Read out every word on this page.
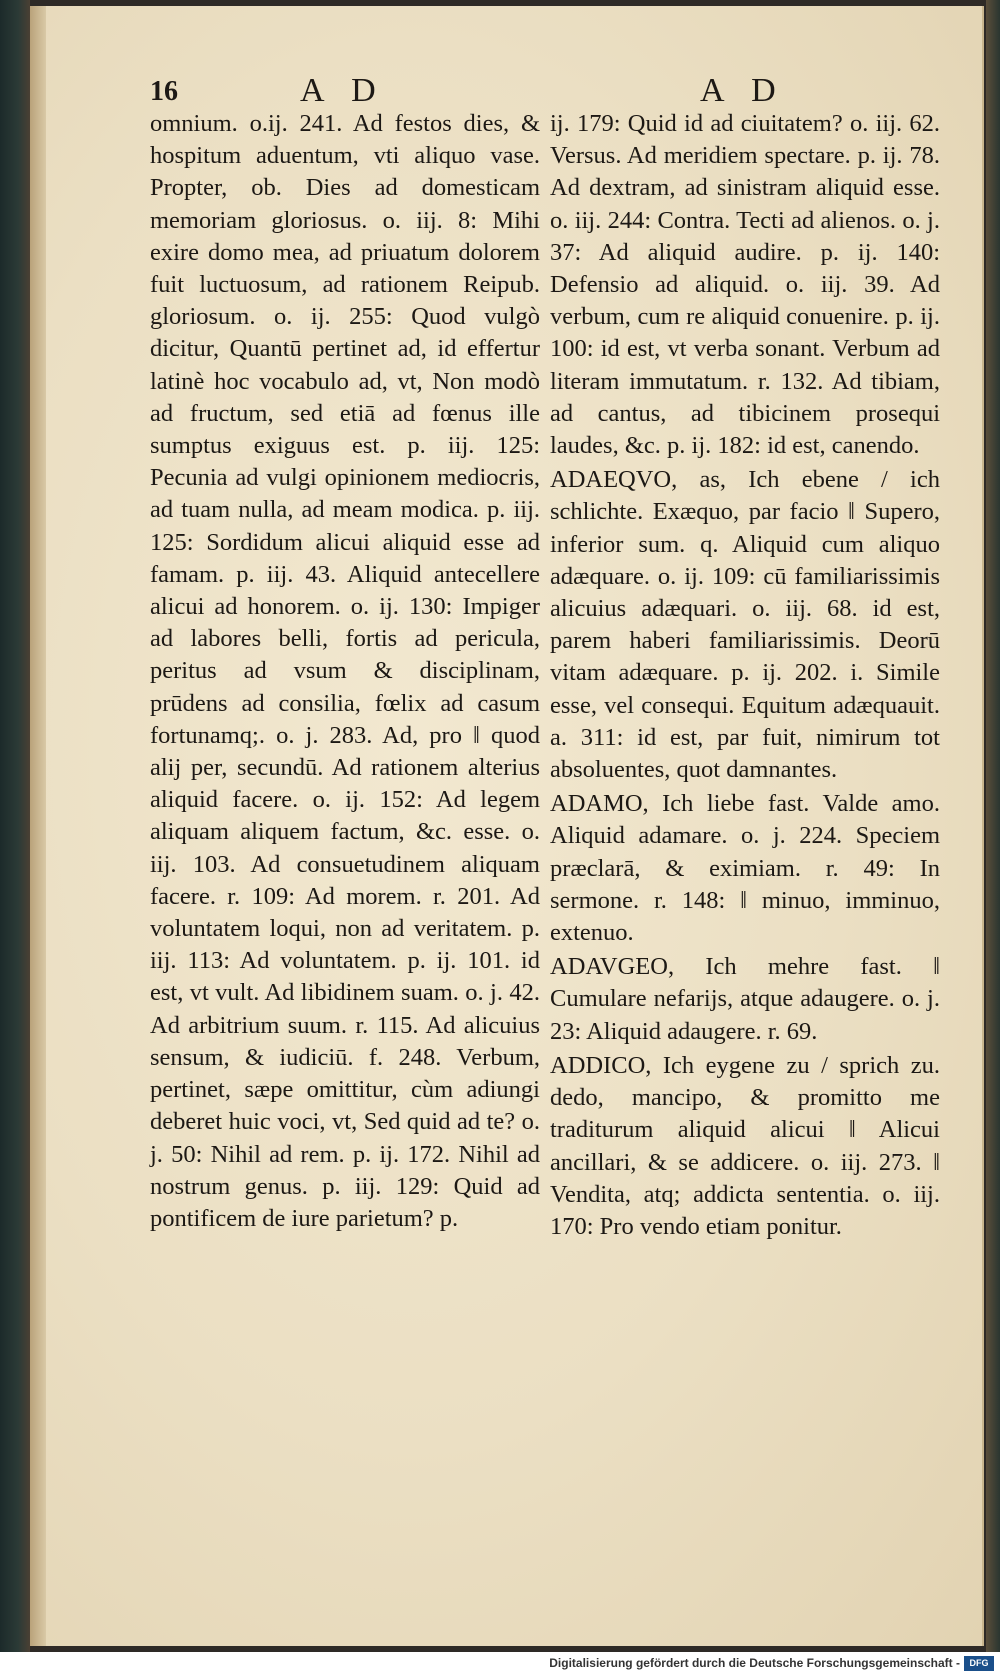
16	A D	A D

omnium. o.ij. 241. Ad festos dies, & hospitum aduentum, vti aliquo vase. Propter, ob. Dies ad domesticam memoriam gloriosus. o. iij. 8: Mihi exire domo mea, ad priuatum dolorem fuit luctuosum, ad rationem Reipub. gloriosum. o. ij. 255: Quod vulgò dicitur, Quantū pertinet ad, id effertur latinè hoc vocabulo ad, vt, Non modò ad fructum, sed etiā ad fœnus ille sumptus exiguus est. p. iij. 125: Pecunia ad vulgi opinionem mediocris, ad tuam nulla, ad meam modica. p. iij. 125: Sordidum alicui aliquid esse ad famam. p. iij. 43. Aliquid antecellere alicui ad honorem. o. ij. 130: Impiger ad labores belli, fortis ad pericula, peritus ad vsum & disciplinam, prūdens ad consilia, fœlix ad casum fortunamq;. o. j. 283. Ad, pro ‖ quod alij per, secundū. Ad rationem alterius aliquid facere. o. ij. 152: Ad legem aliquam aliquem factum, &c. esse. o. iij. 103. Ad consuetudinem aliquam facere. r. 109: Ad morem. r. 201. Ad voluntatem loqui, non ad veritatem. p. iij. 113: Ad voluntatem. p. ij. 101. id est, vt vult. Ad libidinem suam. o. j. 42. Ad arbitrium suum. r. 115. Ad alicuius sensum, & iudiciū. f. 248. Verbum, pertinet, sæpe omittitur, cùm adiungi deberet huic voci, vt, Sed quid ad te? o. j. 50: Nihil ad rem. p. ij. 172. Nihil ad nostrum genus. p. iij. 129: Quid ad pontificem de iure parietum? p.

ij. 179: Quid id ad ciuitatem? o. iij. 62. Versus. Ad meridiem spectare. p. ij. 78. Ad dextram, ad sinistram aliquid esse. o. iij. 244: Contra. Tecti ad alienos. o. j. 37: Ad aliquid audire. p. ij. 140: Defensio ad aliquid. o. iij. 39. Ad verbum, cum re aliquid conuenire. p. ij. 100: id est, vt verba sonant. Verbum ad literam immutatum. r. 132. Ad tibiam, ad cantus, ad tibicinem prosequi laudes, &c. p. ij. 182: id est, canendo.

ADAEQVO, as, Ich ebene / ich schlichte. Exæquo, par facio ‖ Supero, inferior sum. q. Aliquid cum aliquo adæquare. o. ij. 109: cū familiarissimis alicuius adæquari. o. iij. 68. id est, parem haberi familiarissimis. Deorū vitam adæquare. p. ij. 202. i. Simile esse, vel consequi. Equitum adæquauit. a. 311: id est, par fuit, nimirum tot absoluentes, quot damnantes.

ADAMO, Ich liebe fast. Valde amo. Aliquid adamare. o. j. 224. Speciem præclarā, & eximiam. r. 49: In sermone. r. 148: ‖ minuo, imminuo, extenuo.

ADAVGEO, Ich mehre fast. ‖ Cumulare nefarijs, atque adaugere. o. j. 23: Aliquid adaugere. r. 69.

ADDICO, Ich eygene zu / sprich zu. dedo, mancipo, & promitto me traditurum aliquid alicui ‖ Alicui ancillari, & se addicere. o. iij. 273. ‖ Vendita, atq; addicta sententia. o. iij. 170: Pro vendo etiam ponitur.

Digitalisierung gefördert durch die Deutsche Forschungsgemeinschaft -	DFG
